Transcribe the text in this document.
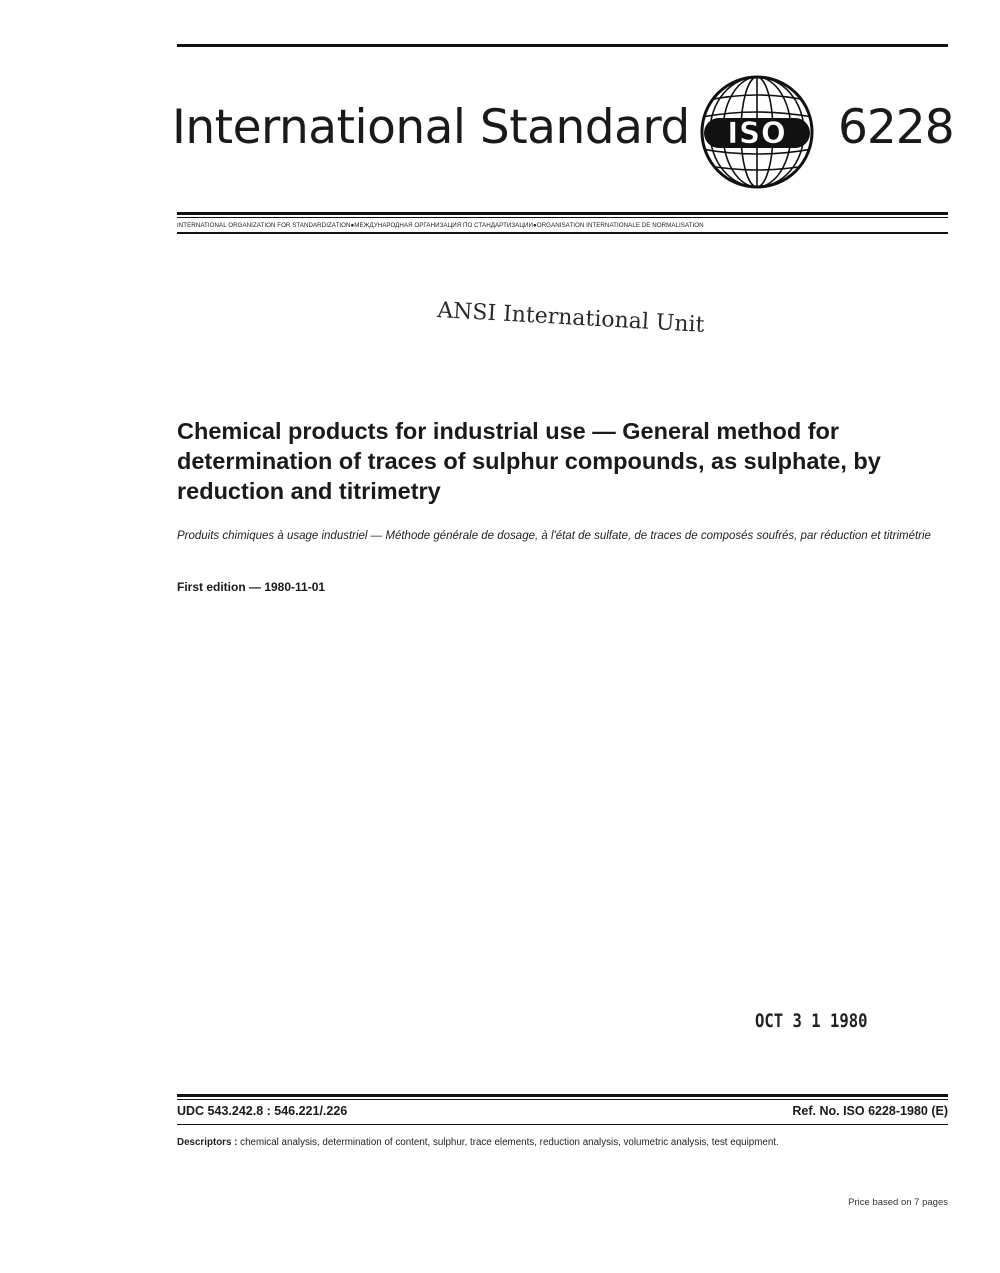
International Standard ISO 6228
INTERNATIONAL ORGANIZATION FOR STANDARDIZATION●МЕЖДУНАРОДНАЯ ОРГАНИЗАЦИЯ ПО СТАНДАРТИЗАЦИИ●ORGANISATION INTERNATIONALE DE NORMALISATION
ANSI International Unit
Chemical products for industrial use — General method for determination of traces of sulphur compounds, as sulphate, by reduction and titrimetry

Produits chimiques à usage industriel — Méthode générale de dosage, à l'état de sulfate, de traces de composés soufrés, par réduction et titrimétrie

First edition — 1980-11-01
OCT 3 1 1980
UDC 543.242.8 : 546.221/.226	Ref. No. ISO 6228-1980 (E)
Descriptors : chemical analysis, determination of content, sulphur, trace elements, reduction analysis, volumetric analysis, test equipment.
Price based on 7 pages
